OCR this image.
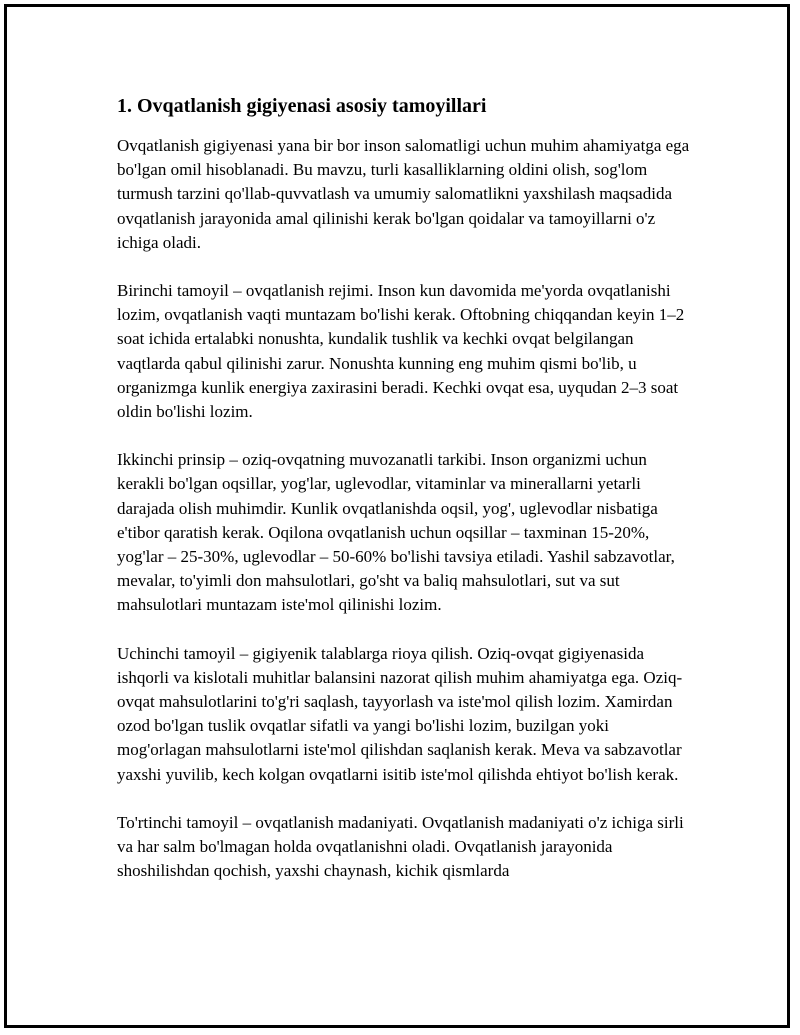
1. Ovqatlanish gigiyenasi asosiy tamoyillari

Ovqatlanish gigiyenasi yana bir bor inson salomatligi uchun muhim ahamiyatga ega bo'lgan omil hisoblanadi. Bu mavzu, turli kasalliklarning oldini olish, sog'lom turmush tarzini qo'llab-quvvatlash va umumiy salomatlikni yaxshilash maqsadida ovqatlanish jarayonida amal qilinishi kerak bo'lgan qoidalar va tamoyillarni o'z ichiga oladi.

Birinchi tamoyil – ovqatlanish rejimi. Inson kun davomida me'yorda ovqatlanishi lozim, ovqatlanish vaqti muntazam bo'lishi kerak. Oftobning chiqqandan keyin 1–2 soat ichida ertalabki nonushta, kundalik tushlik va kechki ovqat belgilangan vaqtlarda qabul qilinishi zarur. Nonushta kunning eng muhim qismi bo'lib, u organizmga kunlik energiya zaxirasini beradi. Kechki ovqat esa, uyqudan 2–3 soat oldin bo'lishi lozim.

Ikkinchi prinsip – oziq-ovqatning muvozanatli tarkibi. Inson organizmi uchun kerakli bo'lgan oqsillar, yog'lar, uglevodlar, vitaminlar va minerallarni yetarli darajada olish muhimdir. Kunlik ovqatlanishda oqsil, yog', uglevodlar nisbatiga e'tibor qaratish kerak. Oqilona ovqatlanish uchun oqsillar – taxminan 15-20%, yog'lar – 25-30%, uglevodlar – 50-60% bo'lishi tavsiya etiladi. Yashil sabzavotlar, mevalar, to'yimli don mahsulotlari, go'sht va baliq mahsulotlari, sut va sut mahsulotlari muntazam iste'mol qilinishi lozim.

Uchinchi tamoyil – gigiyenik talablarga rioya qilish. Oziq-ovqat gigiyenasida ishqorli va kislotali muhitlar balansini nazorat qilish muhim ahamiyatga ega. Oziq-ovqat mahsulotlarini to'g'ri saqlash, tayyorlash va iste'mol qilish lozim. Xamirdan ozod bo'lgan tuslik ovqatlar sifatli va yangi bo'lishi lozim, buzilgan yoki mog'orlagan mahsulotlarni iste'mol qilishdan saqlanish kerak. Meva va sabzavotlar yaxshi yuvilib, kech kolgan ovqatlarni isitib iste'mol qilishda ehtiyot bo'lish kerak.

To'rtinchi tamoyil – ovqatlanish madaniyati. Ovqatlanish madaniyati o'z ichiga sirli va har salm bo'lmagan holda ovqatlanishni oladi. Ovqatlanish jarayonida shoshilishdan qochish, yaxshi chaynash, kichik qismlarda
